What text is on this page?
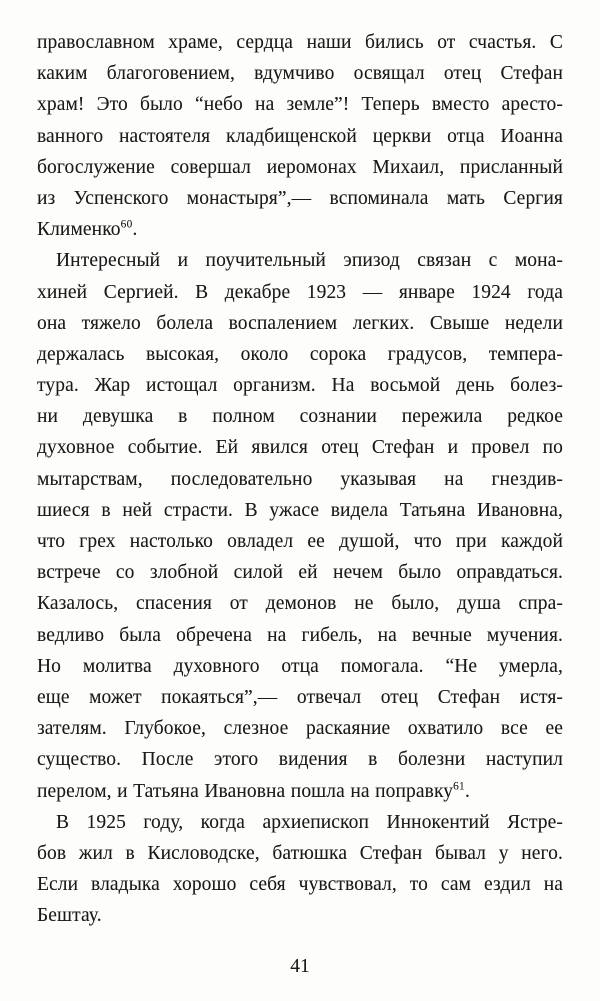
православном храме, сердца наши бились от счастья. С
каким благоговением, вдумчиво освящал отец Стефан
храм! Это было “небо на земле”! Теперь вместо аресто-
ванного настоятеля кладбищенской церкви отца Иоанна
богослужение совершал иеромонах Михаил, присланный
из Успенского монастыря”,— вспоминала мать Сергия
Клименко$^{60}$.
Интересный и поучительный эпизод связан с мона-
хиней Сергией. В декабре 1923 — январе 1924 года
она тяжело болела воспалением легких. Свыше недели
держалась высокая, около сорока градусов, темпера-
тура. Жар истощал организм. На восьмой день болез-
ни девушка в полном сознании пережила редкое
духовное событие. Ей явился отец Стефан и провел по
мытарствам, последовательно указывая на гнездив-
шиеся в ней страсти. В ужасе видела Татьяна Ивановна,
что грех настолько овладел ее душой, что при каждой
встрече со злобной силой ей нечем было оправдаться.
Казалось, спасения от демонов не было, душа спра-
ведливо была обречена на гибель, на вечные мучения.
Но молитва духовного отца помогала. “Не умерла,
еще может покаяться”,— отвечал отец Стефан истя-
зателям. Глубокое, слезное раскаяние охватило все ее
существо. После этого видения в болезни наступил
перелом, и Татьяна Ивановна пошла на поправку$^{61}$.
В 1925 году, когда архиепископ Иннокентий Ястре-
бов жил в Кисловодске, батюшка Стефан бывал у него.
Если владыка хорошо себя чувствовал, то сам ездил на
Бештау.
41
